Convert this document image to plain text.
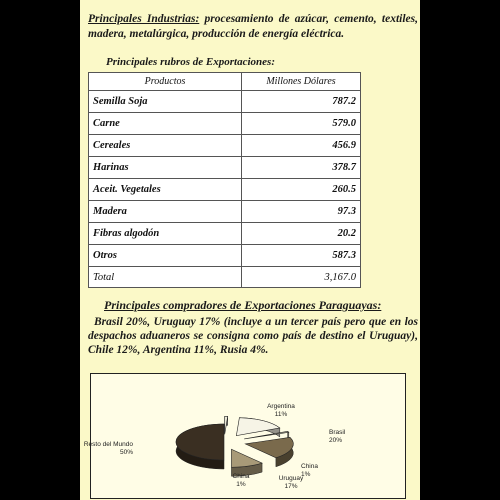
Principales Industrias: procesamiento de azúcar, cemento, textiles, madera, metalúrgica, producción de energía eléctrica.
Principales rubros de Exportaciones:
Productos	Millones Dólares
Semilla Soja	787.2
Carne	579.0
Cereales	456.9
Harinas	378.7
Aceit. Vegetales	260.5
Madera	97.3
Fibras algodón	20.2
Otros	587.3
Total	3,167.0
Principales compradores de Exportaciones Paraguayas:
Brasil 20%, Uruguay 17% (incluye a un tercer país pero que en los despachos aduaneros se consigna como país de destino el Uruguay), Chile 12%, Argentina 11%, Rusia 4%.
Resto del Mundo
50%
China
1%
Uruguay
17%
China
1%
Brasil
20%
Argentina
11%
